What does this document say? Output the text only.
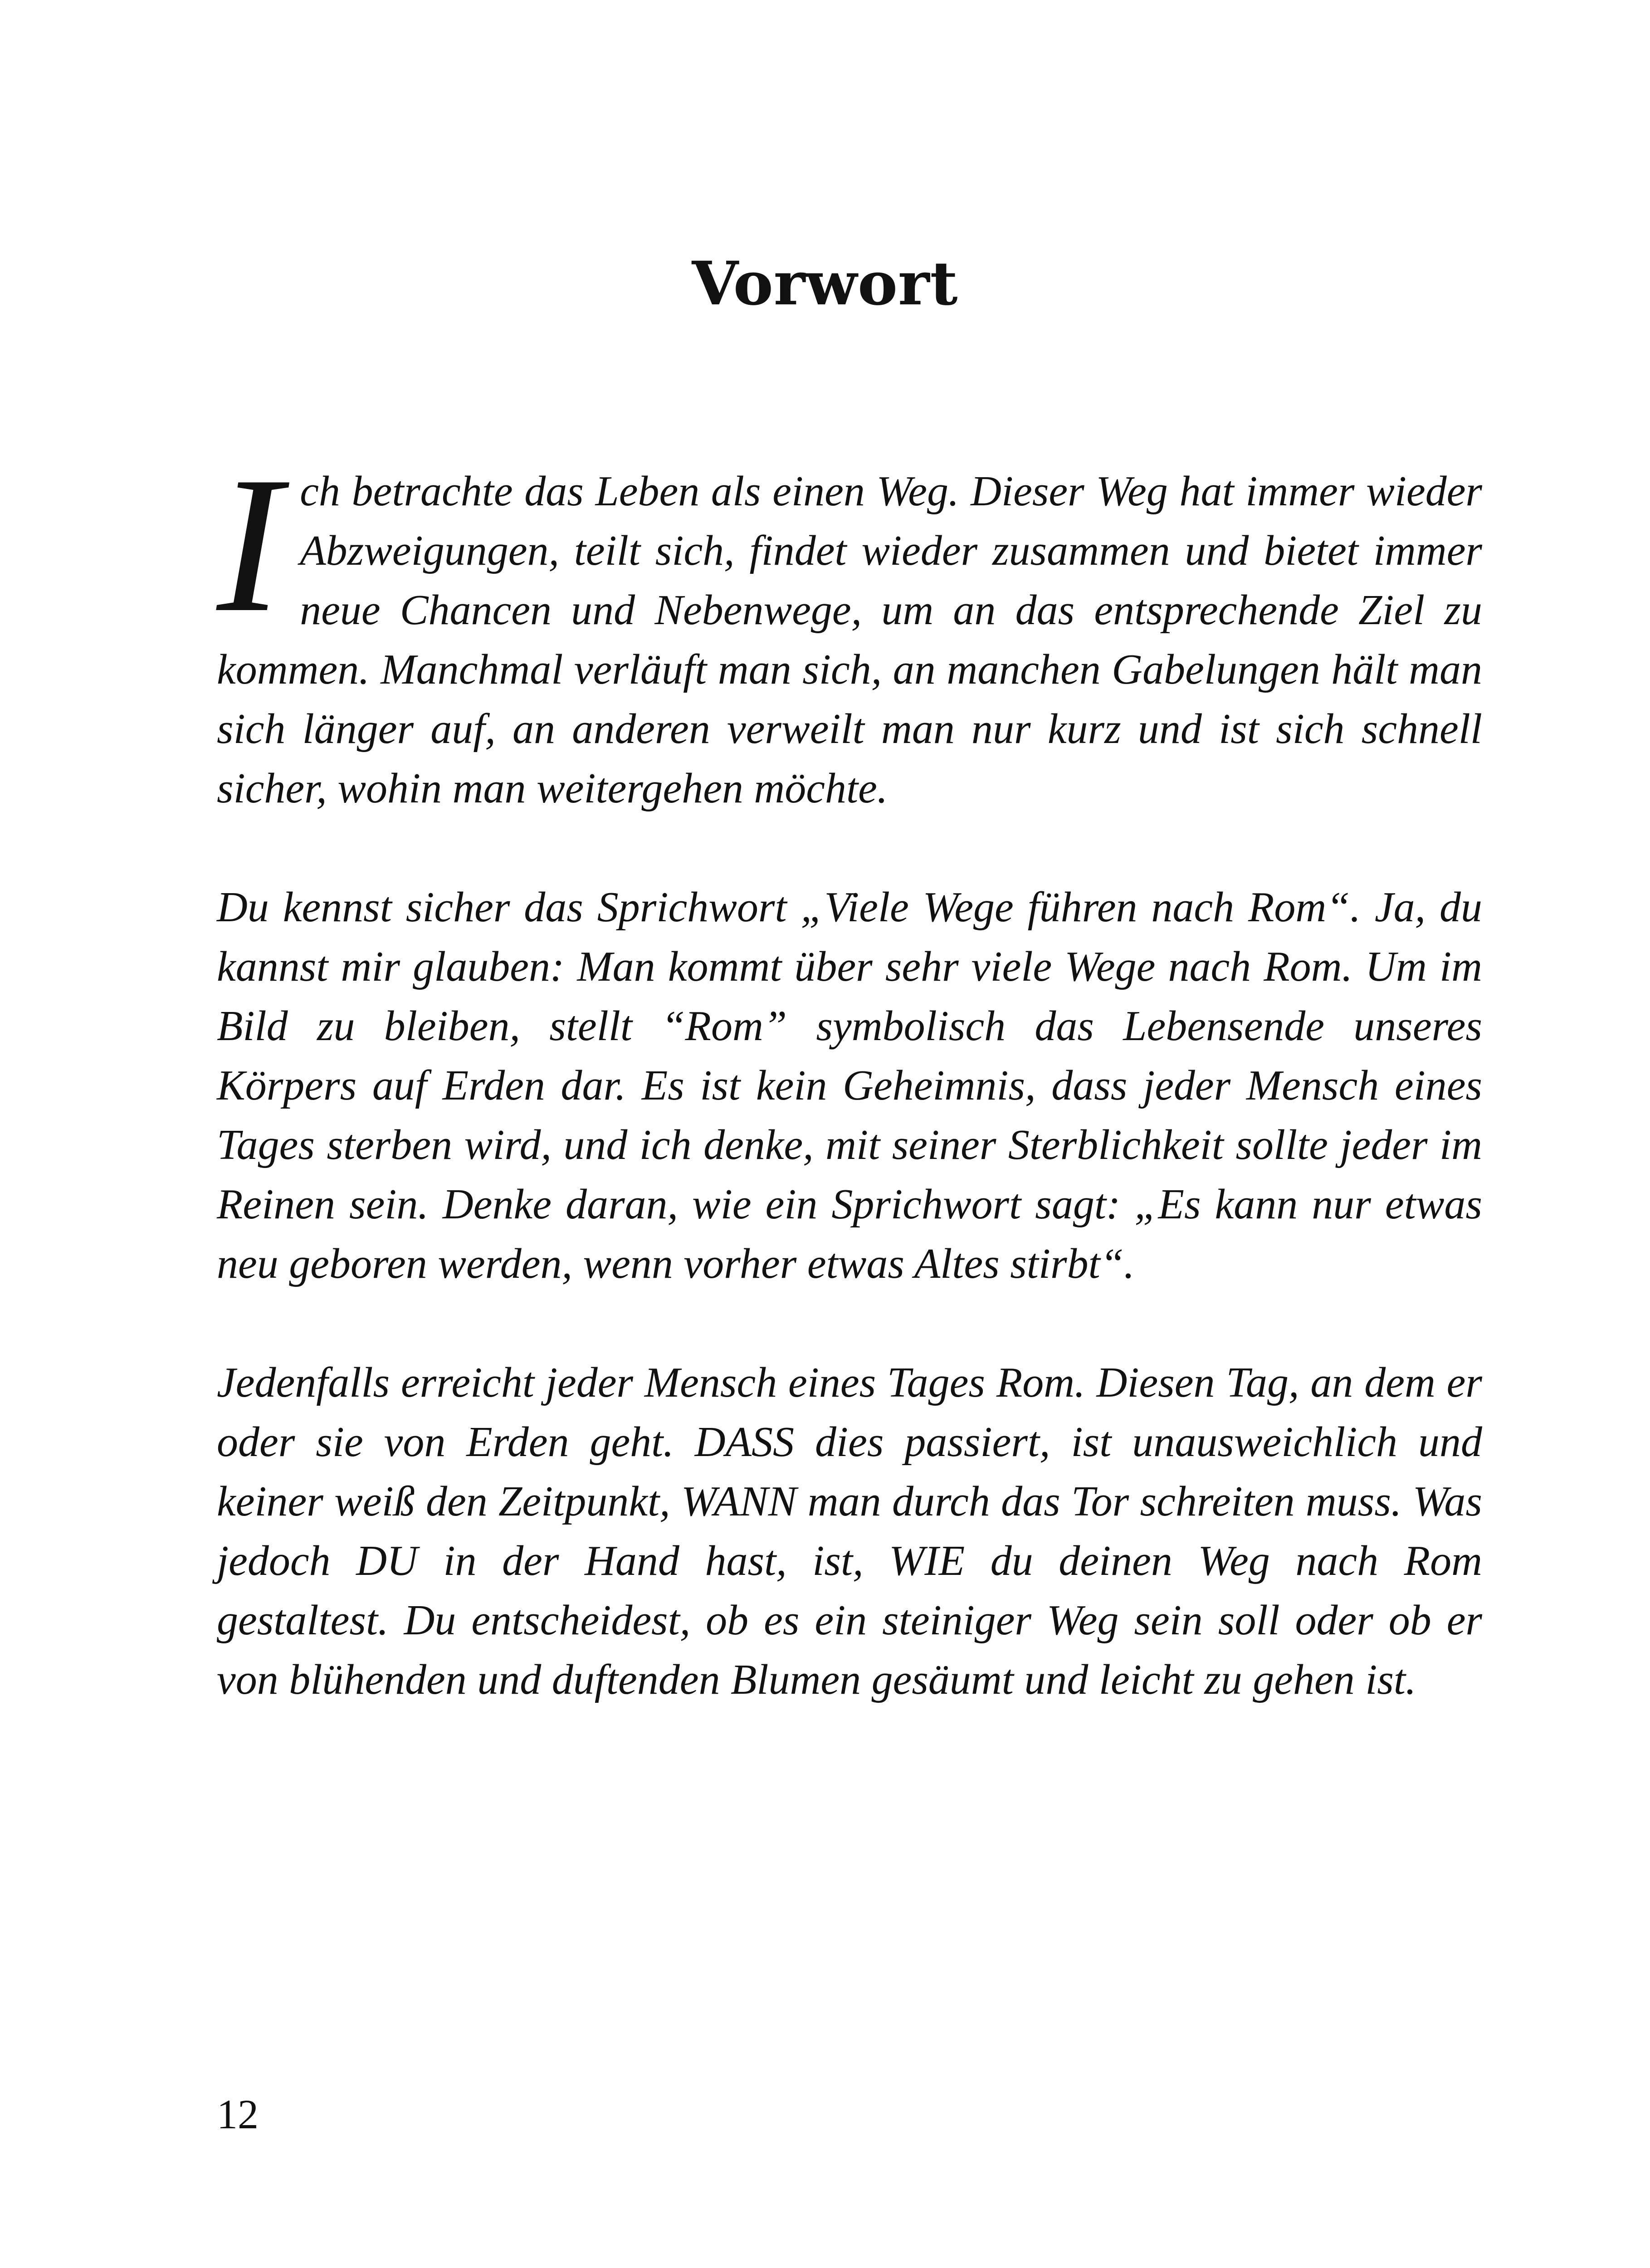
Vorwort

Ich betrachte das Leben als einen Weg. Dieser Weg hat immer wieder Abzweigungen, teilt sich, findet wieder zusammen und bietet immer neue Chancen und Nebenwege, um an das entsprechende Ziel zu kommen. Manchmal verläuft man sich, an manchen Gabelungen hält man sich länger auf, an anderen verweilt man nur kurz und ist sich schnell sicher, wohin man weitergehen möchte.

Du kennst sicher das Sprichwort „Viele Wege führen nach Rom“. Ja, du kannst mir glauben: Man kommt über sehr viele Wege nach Rom. Um im Bild zu bleiben, stellt “Rom” symbolisch das Lebensende unseres Körpers auf Erden dar. Es ist kein Geheimnis, dass jeder Mensch eines Tages sterben wird, und ich denke, mit seiner Sterblichkeit sollte jeder im Reinen sein. Denke daran, wie ein Sprichwort sagt: „Es kann nur etwas neu geboren werden, wenn vorher etwas Altes stirbt“.

Jedenfalls erreicht jeder Mensch eines Tages Rom. Diesen Tag, an dem er oder sie von Erden geht. DASS dies passiert, ist unausweichlich und keiner weiß den Zeitpunkt, WANN man durch das Tor schreiten muss. Was jedoch DU in der Hand hast, ist, WIE du deinen Weg nach Rom gestaltest. Du entscheidest, ob es ein steiniger Weg sein soll oder ob er von blühenden und duftenden Blumen gesäumt und leicht zu gehen ist.

12
